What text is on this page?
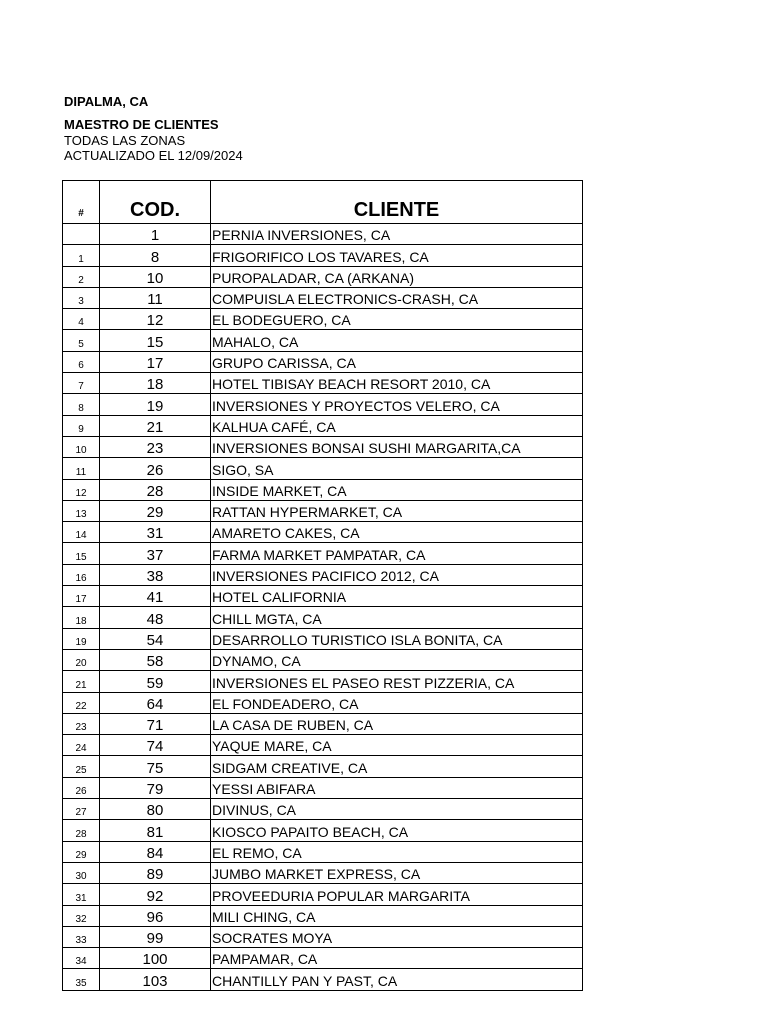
DIPALMA, CA
MAESTRO DE CLIENTES
TODAS LAS ZONAS
ACTUALIZADO EL 12/09/2024
#	COD.	CLIENTE
	1	PERNIA INVERSIONES, CA
1	8	FRIGORIFICO LOS TAVARES, CA
2	10	PUROPALADAR, CA (ARKANA)
3	11	COMPUISLA ELECTRONICS-CRASH, CA
4	12	EL BODEGUERO, CA
5	15	MAHALO, CA
6	17	GRUPO CARISSA, CA
7	18	HOTEL TIBISAY BEACH RESORT 2010, CA
8	19	INVERSIONES Y PROYECTOS VELERO, CA
9	21	KALHUA CAFÉ, CA
10	23	INVERSIONES BONSAI SUSHI MARGARITA,CA
11	26	SIGO, SA
12	28	INSIDE MARKET, CA
13	29	RATTAN HYPERMARKET, CA
14	31	AMARETO CAKES, CA
15	37	FARMA MARKET PAMPATAR, CA
16	38	INVERSIONES PACIFICO 2012, CA
17	41	HOTEL CALIFORNIA
18	48	CHILL MGTA, CA
19	54	DESARROLLO TURISTICO ISLA BONITA, CA
20	58	DYNAMO, CA
21	59	INVERSIONES EL PASEO REST PIZZERIA, CA
22	64	EL FONDEADERO, CA
23	71	LA CASA DE RUBEN, CA
24	74	YAQUE MARE, CA
25	75	SIDGAM CREATIVE, CA
26	79	YESSI ABIFARA
27	80	DIVINUS, CA
28	81	KIOSCO PAPAITO BEACH, CA
29	84	EL REMO, CA
30	89	JUMBO MARKET EXPRESS, CA
31	92	PROVEEDURIA POPULAR MARGARITA
32	96	MILI CHING, CA
33	99	SOCRATES MOYA
34	100	PAMPAMAR, CA
35	103	CHANTILLY PAN Y PAST, CA
